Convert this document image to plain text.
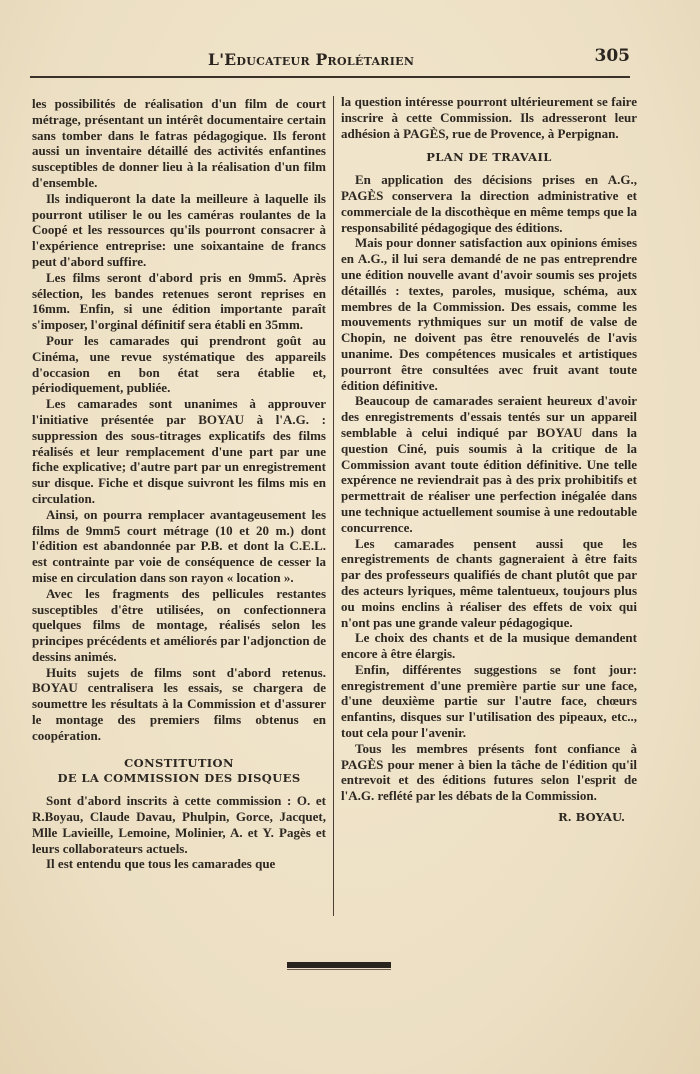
L'Educateur Prolétarien	305

les possibilités de réalisation d'un film de court métrage, présentant un intérêt documentaire certain sans tomber dans le fatras pédagogique. Ils feront aussi un inventaire détaillé des activités enfantines susceptibles de donner lieu à la réalisation d'un film d'ensemble.

Ils indiqueront la date la meilleure à laquelle ils pourront utiliser le ou les caméras roulantes de la Coopé et les ressources qu'ils pourront consacrer à l'expérience entreprise: une soixantaine de francs peut d'abord suffire.

Les films seront d'abord pris en 9mm5. Après sélection, les bandes retenues seront reprises en 16mm. Enfin, si une édition importante paraît s'imposer, l'orginal définitif sera établi en 35mm.

Pour les camarades qui prendront goût au Cinéma, une revue systématique des appareils d'occasion en bon état sera établie et, périodiquement, publiée.

Les camarades sont unanimes à approuver l'initiative présentée par BOYAU à l'A.G. : suppression des sous-titrages explicatifs des films réalisés et leur remplacement d'une part par une fiche explicative; d'autre part par un enregistrement sur disque. Fiche et disque suivront les films mis en circulation.

Ainsi, on pourra remplacer avantageusement les films de 9mm5 court métrage (10 et 20 m.) dont l'édition est abandonnée par P.B. et dont la C.E.L. est contrainte par voie de conséquence de cesser la mise en circulation dans son rayon « location ».

Avec les fragments des pellicules restantes susceptibles d'être utilisées, on confectionnera quelques films de montage, réalisés selon les principes précédents et améliorés par l'adjonction de dessins animés.

Huits sujets de films sont d'abord retenus. BOYAU centralisera les essais, se chargera de soumettre les résultats à la Commission et d'assurer le montage des premiers films obtenus en coopération.

CONSTITUTION
DE LA COMMISSION DES DISQUES

Sont d'abord inscrits à cette commission : O. et R.Boyau, Claude Davau, Phulpin, Gorce, Jacquet, Mlle Lavieille, Lemoine, Molinier, A. et Y. Pagès et leurs collaborateurs actuels.

Il est entendu que tous les camarades que

la question intéresse pourront ultérieurement se faire inscrire à cette Commission. Ils adresseront leur adhésion à PAGÈS, rue de Provence, à Perpignan.

PLAN DE TRAVAIL

En application des décisions prises en A.G., PAGÈS conservera la direction administrative et commerciale de la discothèque en même temps que la responsabilité pédagogique des éditions.

Mais pour donner satisfaction aux opinions émises en A.G., il lui sera demandé de ne pas entreprendre une édition nouvelle avant d'avoir soumis ses projets détaillés : textes, paroles, musique, schéma, aux membres de la Commission. Des essais, comme les mouvements rythmiques sur un motif de valse de Chopin, ne doivent pas être renouvelés de l'avis unanime. Des compétences musicales et artistiques pourront être consultées avec fruit avant toute édition définitive.

Beaucoup de camarades seraient heureux d'avoir des enregistrements d'essais tentés sur un appareil semblable à celui indiqué par BOYAU dans la question Ciné, puis soumis à la critique de la Commission avant toute édition définitive. Une telle expérence ne reviendrait pas à des prix prohibitifs et permettrait de réaliser une perfection inégalée dans une technique actuellement soumise à une redoutable concurrence.

Les camarades pensent aussi que les enregistrements de chants gagneraient à être faits par des professeurs qualifiés de chant plutôt que par des acteurs lyriques, même talentueux, toujours plus ou moins enclins à réaliser des effets de voix qui n'ont pas une grande valeur pédagogique.

Le choix des chants et de la musique demandent encore à être élargis.

Enfin, différentes suggestions se font jour: enregistrement d'une première partie sur une face, d'une deuxième partie sur l'autre face, chœurs enfantins, disques sur l'utilisation des pipeaux, etc.., tout cela pour l'avenir.

Tous les membres présents font confiance à PAGÈS pour mener à bien la tâche de l'édition qu'il entrevoit et des éditions futures selon l'esprit de l'A.G. reflété par les débats de la Commission.

R. BOYAU.
